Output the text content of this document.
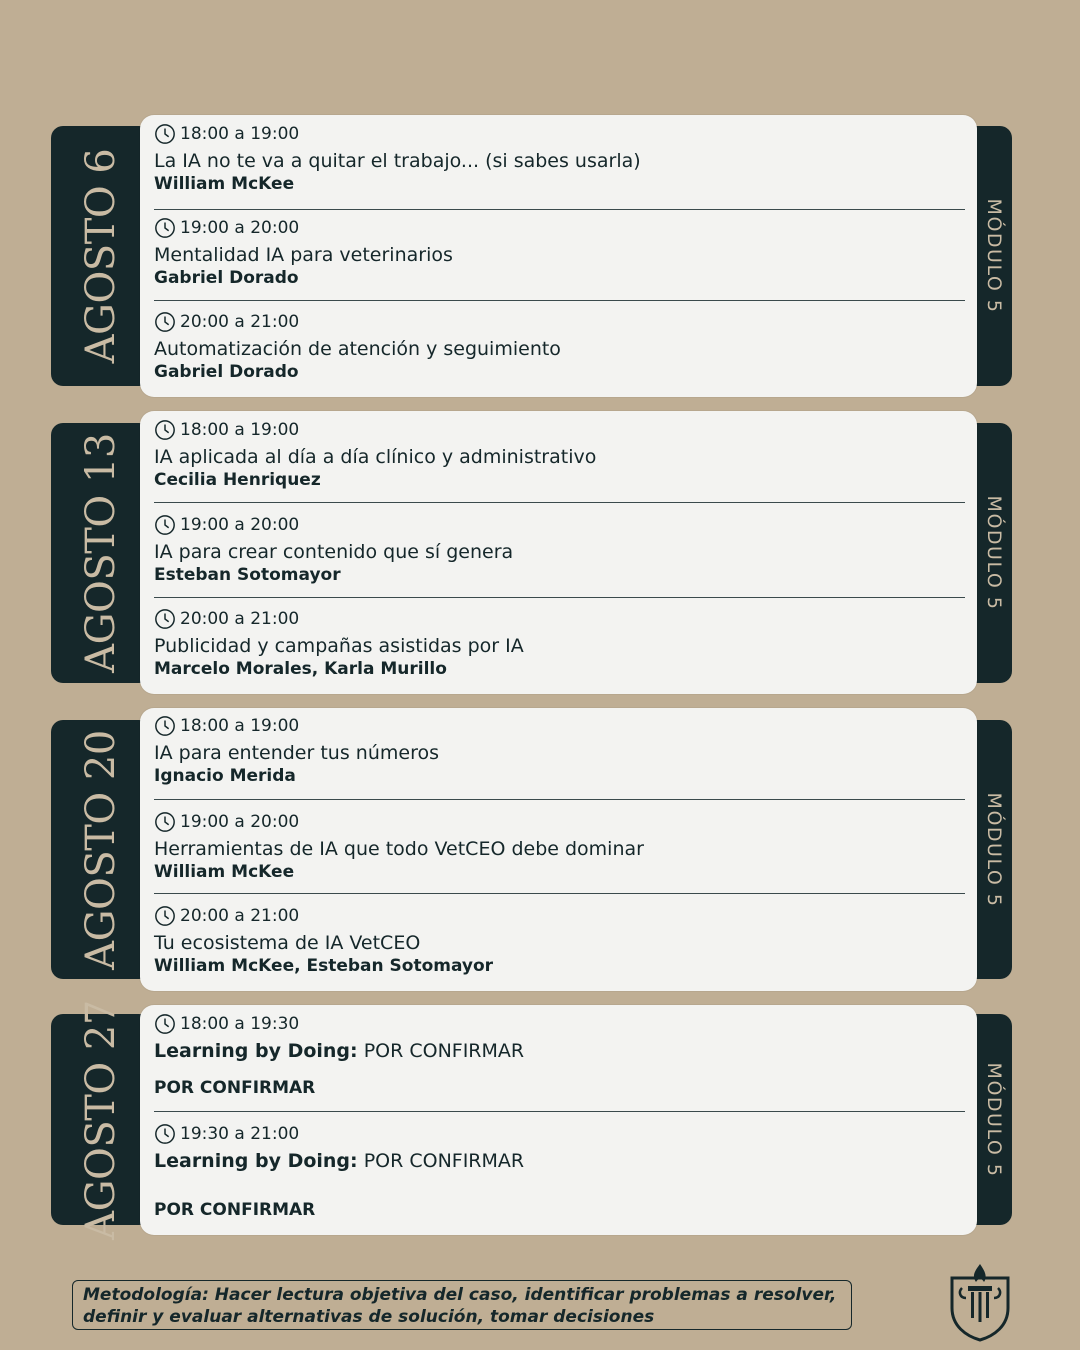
AGOSTO 6	MÓDULO 5
18:00 a 19:00
La IA no te va a quitar el trabajo... (si sabes usarla)
William McKee
19:00 a 20:00
Mentalidad IA para veterinarios
Gabriel Dorado
20:00 a 21:00
Automatización de atención y seguimiento
Gabriel Dorado
AGOSTO 13	MÓDULO 5
18:00 a 19:00
IA aplicada al día a día clínico y administrativo
Cecilia Henriquez
19:00 a 20:00
IA para crear contenido que sí genera
Esteban Sotomayor
20:00 a 21:00
Publicidad y campañas asistidas por IA
Marcelo Morales, Karla Murillo
AGOSTO 20	MÓDULO 5
18:00 a 19:00
IA para entender tus números
Ignacio Merida
19:00 a 20:00
Herramientas de IA que todo VetCEO debe dominar
William McKee
20:00 a 21:00
Tu ecosistema de IA VetCEO
William McKee, Esteban Sotomayor
AGOSTO 27	MÓDULO 5
18:00 a 19:30
Learning by Doing: POR CONFIRMAR
POR CONFIRMAR
19:30 a 21:00
Learning by Doing: POR CONFIRMAR
POR CONFIRMAR
Metodología: Hacer lectura objetiva del caso, identificar problemas a resolver,
definir y evaluar alternativas de solución, tomar decisiones
